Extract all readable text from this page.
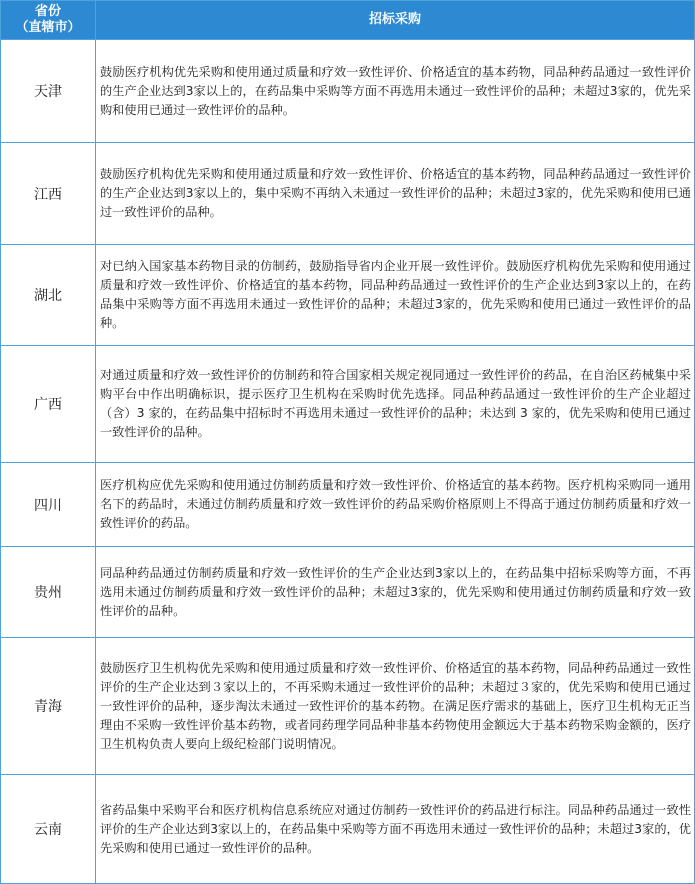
省份
（直辖市）	招标采购
天津	鼓励医疗机构优先采购和使用通过质量和疗效一致性评价、价格适宜的基本药物，同品种药品通过一致性评价的生产企业达到3家以上的，在药品集中采购等方面不再选用未通过一致性评价的品种；未超过3家的，优先采购和使用已通过一致性评价的品种。
江西	鼓励医疗机构优先采购和使用通过质量和疗效一致性评价、价格适宜的基本药物，同品种药品通过一致性评价的生产企业达到3家以上的，集中采购不再纳入未通过一致性评价的品种；未超过3家的，优先采购和使用已通过一致性评价的品种。
湖北	对已纳入国家基本药物目录的仿制药，鼓励指导省内企业开展一致性评价。鼓励医疗机构优先采购和使用通过质量和疗效一致性评价、价格适宜的基本药物，同品种药品通过一致性评价的生产企业达到3家以上的，在药品集中采购等方面不再选用未通过一致性评价的品种；未超过3家的，优先采购和使用已通过一致性评价的品种。
广西	对通过质量和疗效一致性评价的仿制药和符合国家相关规定视同通过一致性评价的药品，在自治区药械集中采购平台中作出明确标识，提示医疗卫生机构在采购时优先选择。同品种药品通过一致性评价的生产企业超过（含）3 家的，在药品集中招标时不再选用未通过一致性评价的品种；未达到 3 家的，优先采购和使用已通过一致性评价的品种。
四川	医疗机构应优先采购和使用通过仿制药质量和疗效一致性评价、价格适宜的基本药物。医疗机构采购同一通用名下的药品时，未通过仿制药质量和疗效一致性评价的药品采购价格原则上不得高于通过仿制药质量和疗效一致性评价的药品。
贵州	同品种药品通过仿制药质量和疗效一致性评价的生产企业达到3家以上的，在药品集中招标采购等方面，不再选用未通过仿制药质量和疗效一致性评价的品种；未超过3家的，优先采购和使用通过仿制药质量和疗效一致性评价的品种。
青海	鼓励医疗卫生机构优先采购和使用通过质量和疗效一致性评价、价格适宜的基本药物，同品种药品通过一致性评价的生产企业达到３家以上的，不再采购未通过一致性评价的品种；未超过３家的，优先采购和使用已通过一致性评价的品种，逐步淘汰未通过一致性评价的基本药物。在满足医疗需求的基础上，医疗卫生机构无正当理由不采购一致性评价基本药物，或者同药理学同品种非基本药物使用金额远大于基本药物采购金额的，医疗卫生机构负责人要向上级纪检部门说明情况。
云南	省药品集中采购平台和医疗机构信息系统应对通过仿制药一致性评价的药品进行标注。同品种药品通过一致性评价的生产企业达到3家以上的，在药品集中采购等方面不再选用未通过一致性评价的品种；未超过3家的，优先采购和使用已通过一致性评价的品种。
